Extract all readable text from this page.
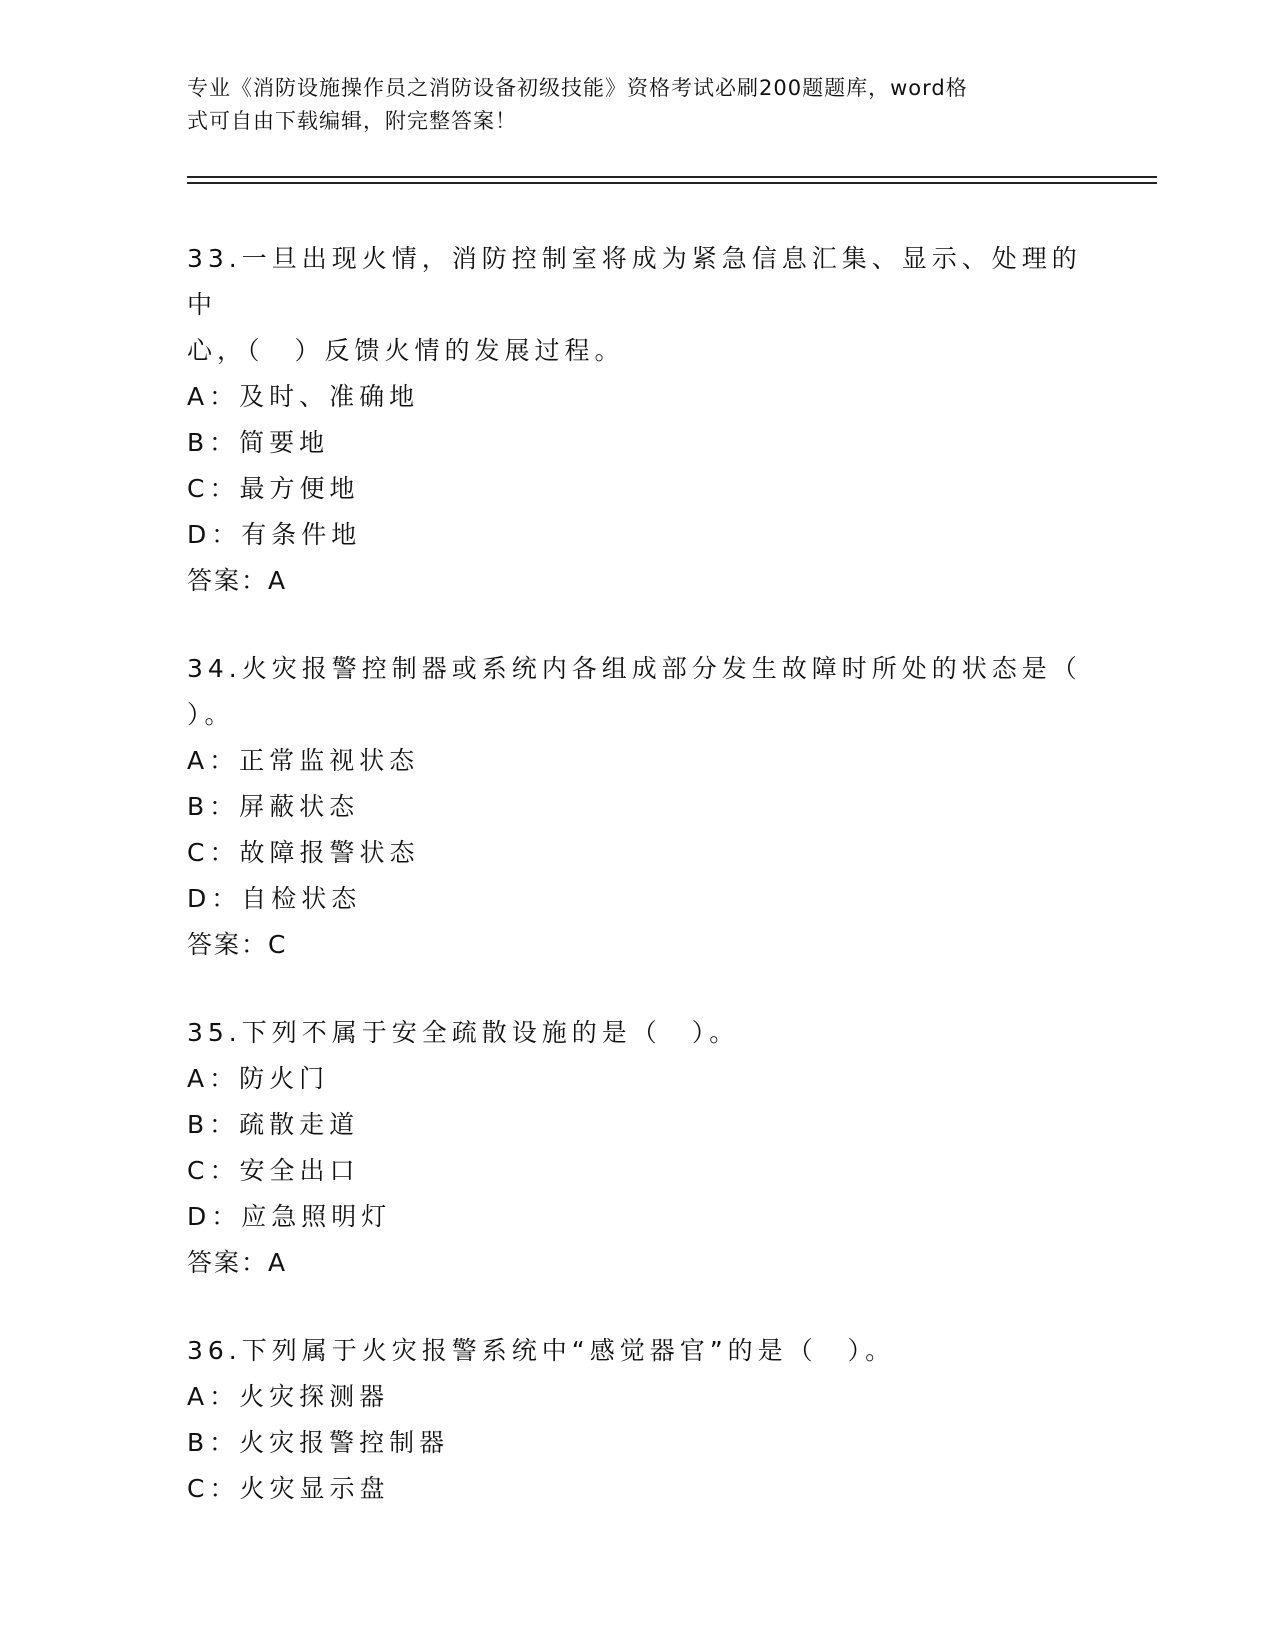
专业《消防设施操作员之消防设备初级技能》资格考试必刷200题题库，word格
式可自由下载编辑，附完整答案！
33.一旦出现火情，消防控制室将成为紧急信息汇集、显示、处理的中
心，（　）反馈火情的发展过程。
A：及时、准确地
B：简要地
C：最方便地
D：有条件地
答案：A
34.火灾报警控制器或系统内各组成部分发生故障时所处的状态是（
）。
A：正常监视状态
B：屏蔽状态
C：故障报警状态
D：自检状态
答案：C
35.下列不属于安全疏散设施的是（　）。
A：防火门
B：疏散走道
C：安全出口
D：应急照明灯
答案：A
36.下列属于火灾报警系统中“感觉器官”的是（　）。
A：火灾探测器
B：火灾报警控制器
C：火灾显示盘
